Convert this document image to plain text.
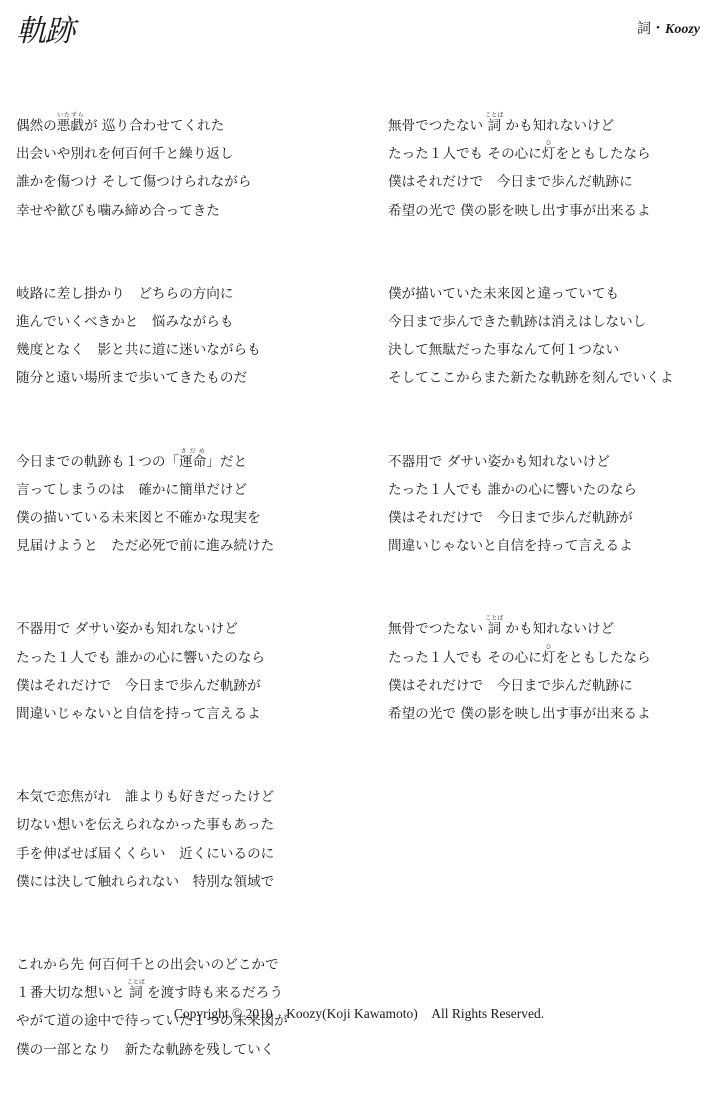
軌跡	詞・Koozy
偶然の悪戯いたずらが 巡り合わせてくれた
出会いや別れを何百何千と繰り返し
誰かを傷つけ そして傷つけられながら
幸せや歓びも噛み締め合ってきた
岐路に差し掛かり　どちらの方向に
進んでいくべきかと　悩みながらも
幾度となく　影と共に道に迷いながらも
随分と遠い場所まで歩いてきたものだ
今日までの軌跡も１つの「運命さだめ」だと
言ってしまうのは　確かに簡単だけど
僕の描いている未来図と不確かな現実を
見届けようと　ただ必死で前に進み続けた
不器用で ダサい姿かも知れないけど
たった１人でも 誰かの心に響いたのなら
僕はそれだけで　今日まで歩んだ軌跡が
間違いじゃないと自信を持って言えるよ
本気で恋焦がれ　誰よりも好きだったけど
切ない想いを伝えられなかった事もあった
手を伸ばせば届くくらい　近くにいるのに
僕には決して触れられない　特別な領域で
これから先 何百何千との出会いのどこかで
１番大切な想いと 詞ことば を渡す時も来るだろう
やがて道の途中で待っていた１つの未来図が
僕の一部となり　新たな軌跡を残していく
無骨でつたない 詞ことば かも知れないけど
たった１人でも その心に灯ひをともしたなら
僕はそれだけで　今日まで歩んだ軌跡に
希望の光で 僕の影を映し出す事が出来るよ
僕が描いていた未来図と違っていても
今日まで歩んできた軌跡は消えはしないし
決して無駄だった事なんて何１つない
そしてここからまた新たな軌跡を刻んでいくよ
不器用で ダサい姿かも知れないけど
たった１人でも 誰かの心に響いたのなら
僕はそれだけで　今日まで歩んだ軌跡が
間違いじゃないと自信を持って言えるよ
無骨でつたない 詞ことば かも知れないけど
たった１人でも その心に灯ひをともしたなら
僕はそれだけで　今日まで歩んだ軌跡に
希望の光で 僕の影を映し出す事が出来るよ
Copyright © 2010　Koozy(Koji Kawamoto)　All Rights Reserved.
